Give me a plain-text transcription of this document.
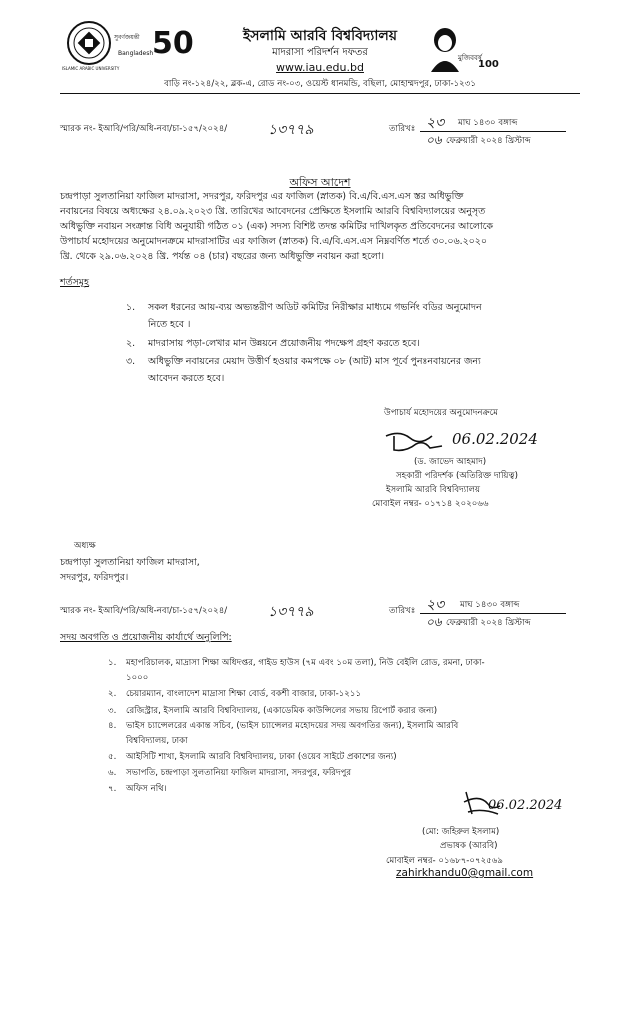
ISLAMIC ARABIC UNIVERSITY
সুবর্ণজয়ন্তী
Bangladesh
50	ইসলামি আরবি বিশ্ববিদ্যালয়
মাদরাসা পরিদর্শন দফতর
www.iau.edu.bd
মুজিববর্ষ
100
বাড়ি নং-১২৪/২২, ব্লক-এ, রোড নং-০৩, ওয়েস্ট ধানমন্ডি, বছিলা, মোহাম্মদপুর, ঢাকা-১২৩১
স্মারক নং- ইআবি/পরি/অধি-নবা/চা-১৫৭/২০২৪/	১৩৭৭৯	তারিখঃ ২৩ মাঘ ১৪৩০ বঙ্গাব্দ
০৬ ফেব্রুয়ারী ২০২৪ খ্রিস্টাব্দ
অফিস আদেশ
চন্দ্রপাড়া সুলতানিয়া ফাজিল মাদরাসা, সদরপুর, ফরিদপুর এর ফাজিল (স্নাতক) বি.এ/বি.এস.এস স্তর অধিভুক্তি
নবায়নের বিষয়ে অধ্যক্ষের ২৪.০৯.২০২৩ খ্রি. তারিখের আবেদনের প্রেক্ষিতে ইসলামি আরবি বিশ্ববিদ্যালয়ের অনুসৃত
অধিভুক্তি নবায়ন সংক্রান্ত বিধি অনুযায়ী গঠিত ০১ (এক) সদস্য বিশিষ্ট তদন্ত কমিটির দাখিলকৃত প্রতিবেদনের আলোকে
উপাচার্য মহোদয়ের অনুমোদনক্রমে মাদরাসাটির এর ফাজিল (স্নাতক) বি.এ/বি.এস.এস নিম্নবর্ণিত শর্তে ৩০.০৬.২০২০
খ্রি. থেকে ২৯.০৬.২০২৪ খ্রি. পর্যন্ত ০৪ (চার) বছরের জন্য অধিভুক্তি নবায়ন করা হলো।
শর্তসমূহ
১. সকল ধরনের আয়-ব্যয় অভ্যন্তরীণ অডিট কমিটির নিরীক্ষার মাধ্যমে গভর্নিং বডির অনুমোদন
নিতে হবে ।
২. মাদরাসায় পড়া-লেখার মান উন্নয়নে প্রয়োজনীয় পদক্ষেপ গ্রহণ করতে হবে।
৩. অধিভুক্তি নবায়নের মেয়াদ উত্তীর্ণ হওয়ার কমপক্ষে ০৮ (আট) মাস পূর্বে পুনঃনবায়নের জন্য
আবেদন করতে হবে।
উপাচার্য মহোদয়ের অনুমোদনক্রমে
06.02.2024
(ড. জাভেদ আহমাদ)
সহকারী পরিদর্শক (অতিরিক্ত দায়িত্ব)
ইসলামি আরবি বিশ্ববিদ্যালয়
মোবাইল নম্বর- ০১৭১৪ ২০২০৬৬
অধ্যক্ষ
চন্দ্রপাড়া সুলতানিয়া ফাজিল মাদরাসা,
সদরপুর, ফরিদপুর।
স্মারক নং- ইআবি/পরি/অধি-নবা/চা-১৫৭/২০২৪/	১৩৭৭৯	তারিখঃ ২৩ মাঘ ১৪৩০ বঙ্গাব্দ
০৬ ফেব্রুয়ারী ২০২৪ খ্রিস্টাব্দ
সদয় অবগতি ও প্রয়োজনীয় কার্যার্থে অনুলিপি:
১. মহাপরিচালক, মাদ্রাসা শিক্ষা অধিদপ্তর, গাইড হাউস (৭ম এবং ১০ম তলা), নিউ বেইলি রোড, রমনা, ঢাকা-
১০০০
২. চেয়ারম্যান, বাংলাদেশ মাদ্রাসা শিক্ষা বোর্ড, বকশী বাজার, ঢাকা-১২১১
৩. রেজিস্ট্রার, ইসলামি আরবি বিশ্ববিদ্যালয়, (একাডেমিক কাউন্সিলের সভায় রিপোর্ট করার জন্য)
৪. ভাইস চ্যান্সেলরের একান্ত সচিব, (ভাইস চ্যান্সেলর মহোদয়ের সদয় অবগতির জন্য), ইসলামি আরবি
বিশ্ববিদ্যালয়, ঢাকা
৫. আইসিটি শাখা, ইসলামি আরবি বিশ্ববিদ্যালয়, ঢাকা (ওয়েব সাইটে প্রকাশের জন্য)
৬. সভাপতি, চন্দ্রপাড়া সুলতানিয়া ফাজিল মাদরাসা, সদরপুর, ফরিদপুর
৭. অফিস নথি।
06.02.2024
(মো: জহিরুল ইসলাম)
প্রভাষক (আরবি)
মোবাইল নম্বর- ০১৬৮৭-০৭২৫৬৯
zahirkhandu0@gmail.com
